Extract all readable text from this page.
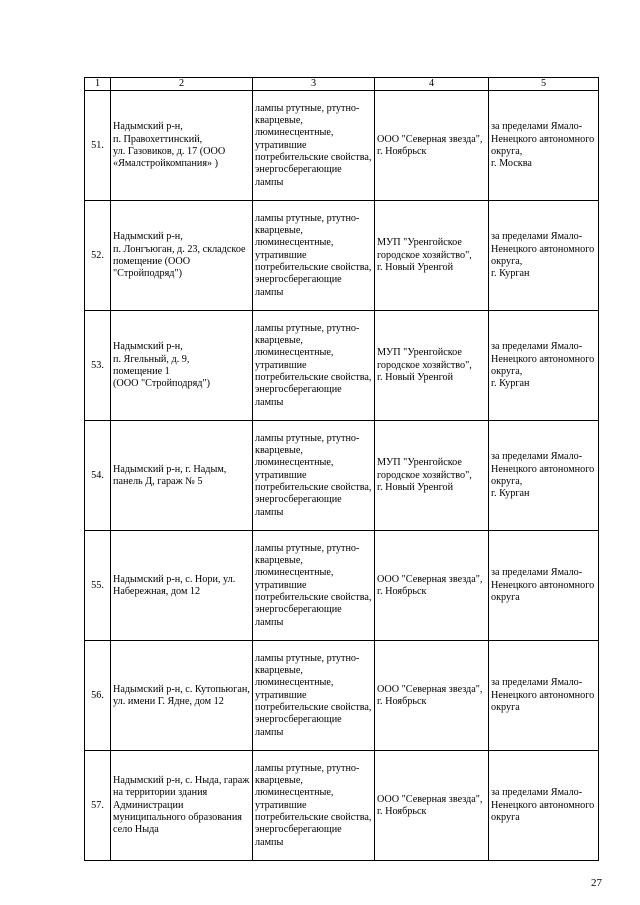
1	2	3	4	5
51.	Надымский р-н,
п. Правохеттинский,
ул. Газовиков, д. 17 (ООО «Ямалстройкомпания» )	лампы ртутные, ртутно-кварцевые, люминесцентные, утратившие потребительские свойства, энергосберегающие лампы	ООО "Северная звезда",
г. Ноябрьск	за пределами Ямало-Ненецкого автономного округа,
г. Москва
52.	Надымский р-н,
п. Лонгъюган, д. 23, складское помещение (ООО "Стройподряд")	лампы ртутные, ртутно-кварцевые, люминесцентные, утратившие потребительские свойства, энергосберегающие лампы	МУП "Уренгойское городское хозяйство",
г. Новый Уренгой	за пределами Ямало-Ненецкого автономного округа,
г. Курган
53.	Надымский р-н,
п. Ягельный, д. 9,
помещение 1
(ООО "Стройподряд")	лампы ртутные, ртутно-кварцевые, люминесцентные, утратившие потребительские свойства, энергосберегающие лампы	МУП "Уренгойское городское хозяйство",
г. Новый Уренгой	за пределами Ямало-Ненецкого автономного округа,
г. Курган
54.	Надымский р-н, г. Надым, панель Д, гараж № 5	лампы ртутные, ртутно-кварцевые, люминесцентные, утратившие потребительские свойства, энергосберегающие лампы	МУП "Уренгойское городское хозяйство",
г. Новый Уренгой	за пределами Ямало-Ненецкого автономного округа,
г. Курган
55.	Надымский р-н, с. Нори, ул. Набережная, дом 12	лампы ртутные, ртутно-кварцевые, люминесцентные, утратившие потребительские свойства, энергосберегающие лампы	ООО "Северная звезда",
г. Ноябрьск	за пределами Ямало-Ненецкого автономного округа
56.	Надымский р-н, с. Кутопьюган, ул. имени Г. Ядне, дом 12	лампы ртутные, ртутно-кварцевые, люминесцентные, утратившие потребительские свойства, энергосберегающие лампы	ООО "Северная звезда",
г. Ноябрьск	за пределами Ямало-Ненецкого автономного округа
57.	Надымский р-н, с. Ныда, гараж на территории здания Администрации муниципального образования село Ныда	лампы ртутные, ртутно-кварцевые, люминесцентные, утратившие потребительские свойства, энергосберегающие лампы	ООО "Северная звезда",
г. Ноябрьск	за пределами Ямало-Ненецкого автономного округа
27
